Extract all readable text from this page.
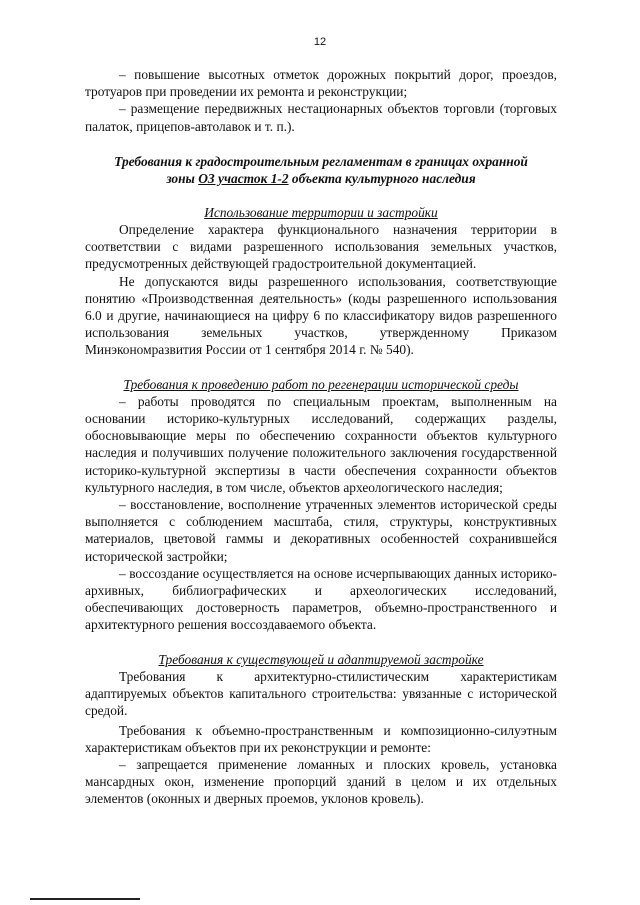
12

– повышение высотных отметок дорожных покрытий дорог, проездов, тротуаров при проведении их ремонта и реконструкции;

– размещение передвижных нестационарных объектов торговли (торговых палаток, прицепов-автолавок и т. п.).

Требования к градостроительным регламентам в границах охранной
зоны ОЗ участок 1-2 объекта культурного наследия
Использование территории и застройки

Определение характера функционального назначения территории в соответствии с видами разрешенного использования земельных участков, предусмотренных действующей градостроительной документацией.

Не допускаются виды разрешенного использования, соответствующие понятию «Производственная деятельность» (коды разрешенного использования 6.0 и другие, начинающиеся на цифру 6 по классификатору видов разрешенного использования земельных участков, утвержденному Приказом Минэкономразвития России от 1 сентября 2014 г. № 540).

Требования к проведению работ по регенерации исторической среды

– работы проводятся по специальным проектам, выполненным на основании историко-культурных исследований, содержащих разделы, обосновывающие меры по обеспечению сохранности объектов культурного наследия и получивших получение положительного заключения государственной историко-культурной экспертизы в части обеспечения сохранности объектов культурного наследия, в том числе, объектов археологического наследия;

– восстановление, восполнение утраченных элементов исторической среды выполняется с соблюдением масштаба, стиля, структуры, конструктивных материалов, цветовой гаммы и декоративных особенностей сохранившейся исторической застройки;

– воссоздание осуществляется на основе исчерпывающих данных историко-архивных, библиографических и археологических исследований, обеспечивающих достоверность параметров, объемно-пространственного и архитектурного решения воссоздаваемого объекта.

Требования к существующей и адаптируемой застройке

Требования к архитектурно-стилистическим характеристикам адаптируемых объектов капитального строительства: увязанные с исторической средой.

Требования к объемно-пространственным и композиционно-силуэтным характеристикам объектов при их реконструкции и ремонте:

– запрещается применение ломанных и плоских кровель, установка мансардных окон, изменение пропорций зданий в целом и их отдельных элементов (оконных и дверных проемов, уклонов кровель).
